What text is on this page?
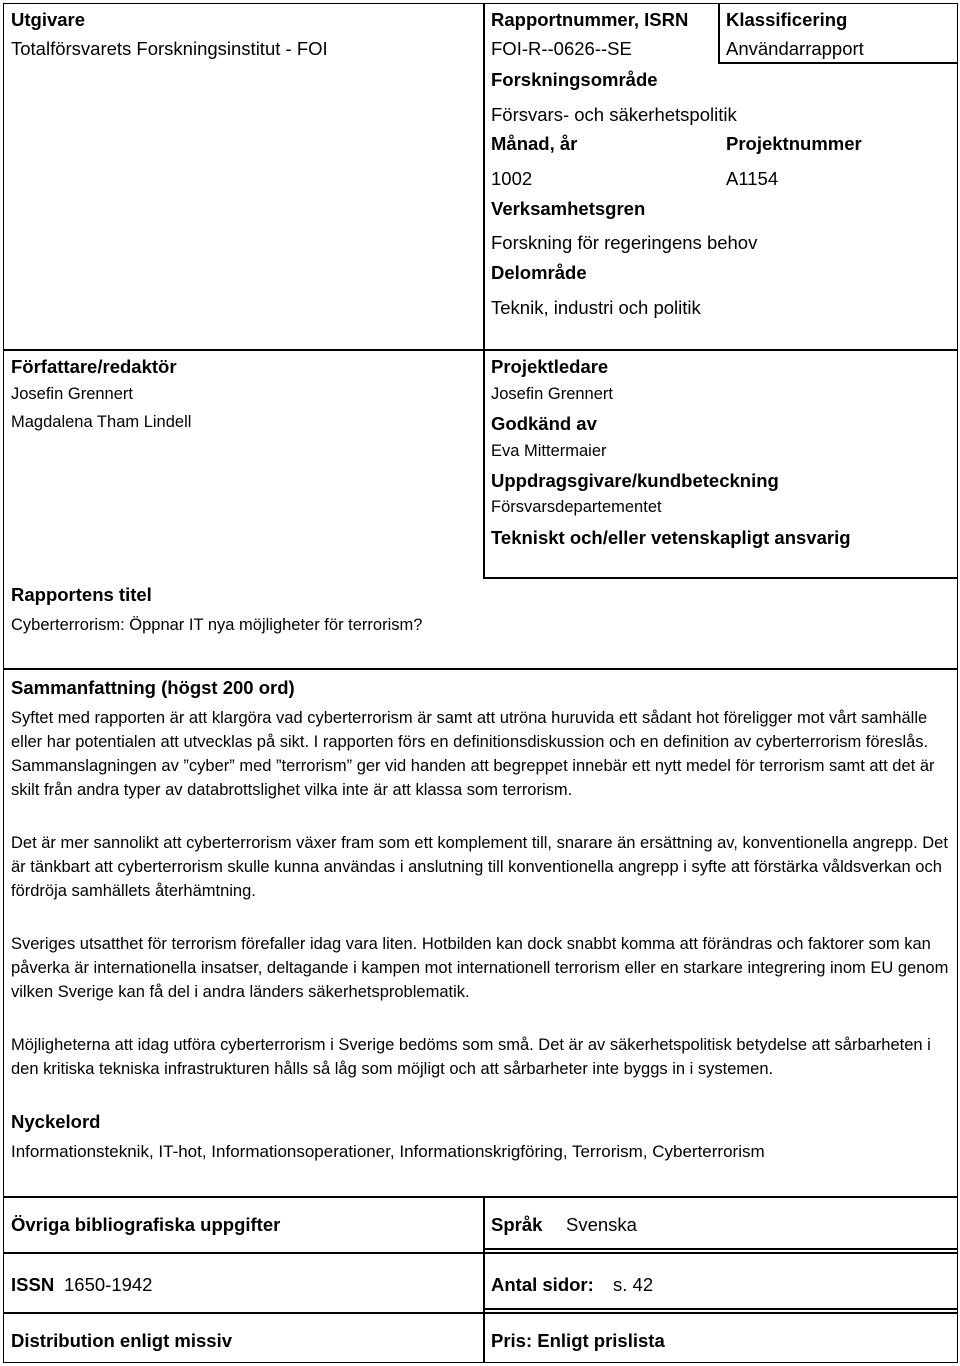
Utgivare
Totalförsvarets Forskningsinstitut - FOI
Rapportnummer, ISRN
FOI-R--0626--SE
Klassificering
Användarrapport
Forskningsområde
Försvars- och säkerhetspolitik
Månad, år
1002
Projektnummer
A1154
Verksamhetsgren
Forskning för regeringens behov
Delområde
Teknik, industri och politik
Författare/redaktör
Josefin Grennert
Magdalena Tham Lindell
Projektledare
Josefin Grennert
Godkänd av
Eva Mittermaier
Uppdragsgivare/kundbeteckning
Försvarsdepartementet
Tekniskt och/eller vetenskapligt ansvarig
Rapportens titel
Cyberterrorism: Öppnar IT nya möjligheter för terrorism?
Sammanfattning (högst 200 ord)

Syftet med rapporten är att klargöra vad cyberterrorism är samt att utröna huruvida ett sådant hot föreligger mot vårt samhälle eller har potentialen att utvecklas på sikt. I rapporten förs en definitionsdiskussion och en definition av cyberterrorism föreslås. Sammanslagningen av ”cyber” med ”terrorism” ger vid handen att begreppet innebär ett nytt medel för terrorism samt att det är skilt från andra typer av databrottslighet vilka inte är att klassa som terrorism.

Det är mer sannolikt att cyberterrorism växer fram som ett komplement till, snarare än ersättning av, konventionella angrepp. Det är tänkbart att cyberterrorism skulle kunna användas i anslutning till konventionella angrepp i syfte att förstärka våldsverkan och fördröja samhällets återhämtning.

Sveriges utsatthet för terrorism förefaller idag vara liten. Hotbilden kan dock snabbt komma att förändras och faktorer som kan påverka är internationella insatser, deltagande i kampen mot internationell terrorism eller en starkare integrering inom EU genom vilken Sverige kan få del i andra länders säkerhetsproblematik.

Möjligheterna att idag utföra cyberterrorism i Sverige bedöms som små. Det är av säkerhetspolitisk betydelse att sårbarheten i den kritiska tekniska infrastrukturen hålls så låg som möjligt och att sårbarheter inte byggs in i systemen.

Nyckelord
Informationsteknik, IT-hot, Informationsoperationer, Informationskrigföring, Terrorism, Cyberterrorism
Övriga bibliografiska uppgifter	Språk Svenska
ISSN 1650-1942	Antal sidor: s. 42
Distribution enligt missiv	Pris: Enligt prislista
